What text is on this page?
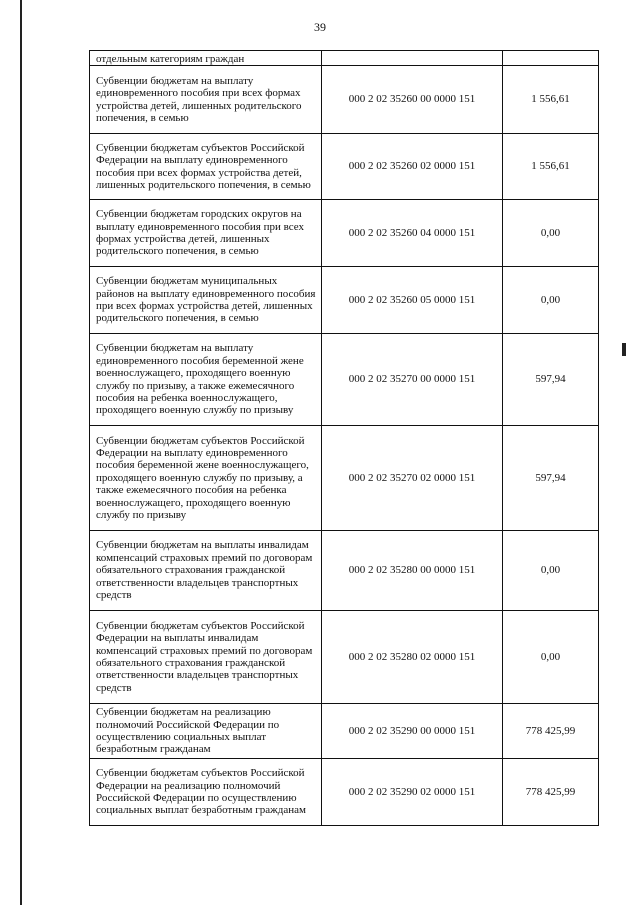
39
отдельным категориям граждан		
Субвенции бюджетам на выплату единовременного пособия при всех формах устройства детей, лишенных родительского попечения, в семью	000 2 02 35260 00 0000 151	1 556,61
Субвенции бюджетам субъектов Российской Федерации на выплату единовременного пособия при всех формах устройства детей, лишенных родительского попечения, в семью	000 2 02 35260 02 0000 151	1 556,61
Субвенции бюджетам городских округов на выплату единовременного пособия при всех формах устройства детей, лишенных родительского попечения, в семью	000 2 02 35260 04 0000 151	0,00
Субвенции бюджетам муниципальных районов на выплату единовременного пособия при всех формах устройства детей, лишенных родительского попечения, в семью	000 2 02 35260 05 0000 151	0,00
Субвенции бюджетам на выплату единовременного пособия беременной жене военнослужащего, проходящего военную службу по призыву, а также ежемесячного пособия на ребенка военнослужащего, проходящего военную службу по призыву	000 2 02 35270 00 0000 151	597,94
Субвенции бюджетам субъектов Российской Федерации на выплату единовременного пособия беременной жене военнослужащего, проходящего военную службу по призыву, а также ежемесячного пособия на ребенка военнослужащего, проходящего военную службу по призыву	000 2 02 35270 02 0000 151	597,94
Субвенции бюджетам на выплаты инвалидам компенсаций страховых премий по договорам обязательного страхования гражданской ответственности владельцев транспортных средств	000 2 02 35280 00 0000 151	0,00
Субвенции бюджетам субъектов Российской Федерации на выплаты инвалидам компенсаций страховых премий по договорам обязательного страхования гражданской ответственности владельцев транспортных средств	000 2 02 35280 02 0000 151	0,00
Субвенции бюджетам на реализацию полномочий Российской Федерации по осуществлению социальных выплат безработным гражданам	000 2 02 35290 00 0000 151	778 425,99
Субвенции бюджетам субъектов Российской Федерации на реализацию полномочий Российской Федерации по осуществлению социальных выплат безработным гражданам	000 2 02 35290 02 0000 151	778 425,99
